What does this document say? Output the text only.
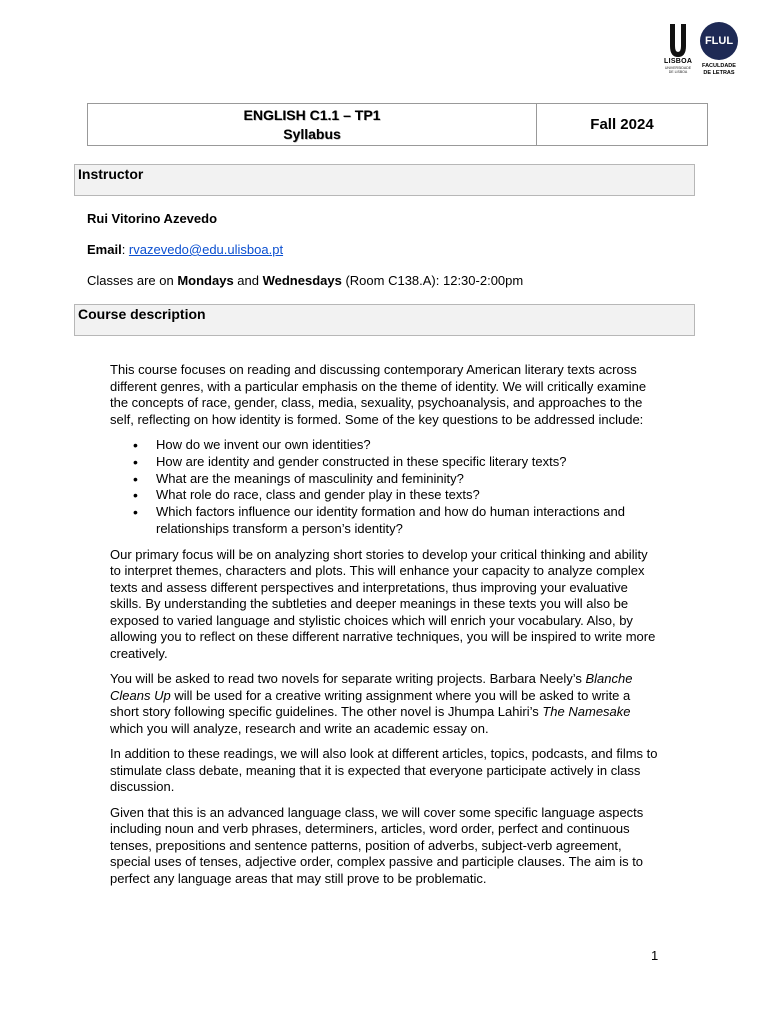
LISBOA
UNIVERSIDADE
DE LISBOA
FLUL
FACULDADE
DE LETRAS
ENGLISH C1.1 – TP1
Syllabus
Fall 2024
Instructor
Rui Vitorino Azevedo
Email: rvazevedo@edu.ulisboa.pt
Classes are on Mondays and Wednesdays (Room C138.A): 12:30-2:00pm
Course description

This course focuses on reading and discussing contemporary American literary texts across different genres, with a particular emphasis on the theme of identity. We will critically examine the concepts of race, gender, class, media, sexuality, psychoanalysis, and approaches to the self, reflecting on how identity is formed. Some of the key questions to be addressed include:

• How do we invent our own identities?
• How are identity and gender constructed in these specific literary texts?
• What are the meanings of masculinity and femininity?
• What role do race, class and gender play in these texts?
• Which factors influence our identity formation and how do human interactions and relationships transform a person’s identity?

Our primary focus will be on analyzing short stories to develop your critical thinking and ability to interpret themes, characters and plots. This will enhance your capacity to analyze complex texts and assess different perspectives and interpretations, thus improving your evaluative skills. By understanding the subtleties and deeper meanings in these texts you will also be exposed to varied language and stylistic choices which will enrich your vocabulary. Also, by allowing you to reflect on these different narrative techniques, you will be inspired to write more creatively.

You will be asked to read two novels for separate writing projects. Barbara Neely’s Blanche Cleans Up will be used for a creative writing assignment where you will be asked to write a short story following specific guidelines. The other novel is Jhumpa Lahiri’s The Namesake which you will analyze, research and write an academic essay on.

In addition to these readings, we will also look at different articles, topics, podcasts, and films to stimulate class debate, meaning that it is expected that everyone participate actively in class discussion.

Given that this is an advanced language class, we will cover some specific language aspects including noun and verb phrases, determiners, articles, word order, perfect and continuous tenses, prepositions and sentence patterns, position of adverbs, subject-verb agreement, special uses of tenses, adjective order, complex passive and participle clauses. The aim is to perfect any language areas that may still prove to be problematic.

1
